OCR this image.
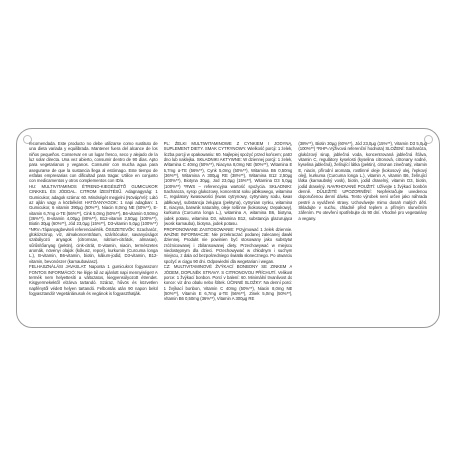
recomendada. Este producto no debe utilizarse como sustituto de una dieta variada y equilibrada. Mantener fuera del alcance de los niños pequeños. Conservar en un lugar fresco, seco y alejado de la luz solar directa. Una vez abierto, consumir dentro de 90 días. Apto para vegetarianos y veganos. Consumir con mucha agua para asegurarse de que la sustancia llega al estómago. Este tiempo de esfalas empresarias con dificultad para tragar. Utilice en conjunto con medicamentos y otros complementos con ID/a.

HU: MULTIVITAMINOS ÉTREND-KIEGÉSZÍTŐ GUMICUKOR CINKKEL ÉS JÓDDAL. CITROM ÍZESÍTÉSŰ. Adagnagyság: 1 Gumicukor, adagok száma: 60. Mindségét megjelni (Növáp/Vé): Látó az ajlán vagy a közbéként HATÓANYAGOK: 1 napi adagban: 1 Gumicukor, 6 vitamin 390µg (50%**), Niacin 8,0mg NE (50%**), E-vitamin 6,7mg α-TE (56%**), Cink 5,0mg (50%**), B6-vitamin 0,50mg (36%**), B-vitamin 4,00µg (80%**), B12-vitamin 2,50µg (100%**), Biotin 30µg (60%**), Jód 23,0µg (15%**), D3-vitamin 5,0µg (100%**) *NRV=Tápanyagbeviteli referenciaérték. ÖSSZETEVŐK: Szacharóz, glükózszirup, víz, almakoncentrátum, szárítócukor, savanyúságot szabályozó anyagok (citromsav, nátrium-citrátok, almasav), sűrűsítőanyag (pektin), cink-citrát, E-vitamin, niacin, természetes aromák, növényi olajok (kókusz, repce), kurkumin (Curcuma longa L.), B-vitamin, B6-vitamin, biotin, kálium-jodid, D3-vitamin, B12-vitamin, bevonószer (karnaubaviasz).

FELHASZNÁLÁSI JAVASLAT: Naponta 1 gumicukrot fogyasszon! FONTOS INFORMÁCIÓ: Ne lépje túl az ajánlott napi mennyiséget! A termék nem helyettesíti a változatos, kiegyensúlyozott étrendet. Kisgyermekektől elzárva tartandó. Száraz, hűvös és közvetlen napfénytől védett helyen tartandó. Felbontás után 90 napon belül fogyasztandó! Vegetáriánusok és vegánok is fogyaszthatják.

PL: ŻELKI MULTIWITAMINOWE Z CYNKIEM I JODYNĄ, SUPLEMENT DIETY. SMAK CYTRYNOWY. Wielkość porcji: 1 żelek, liczba porcji w opakowaniu: 60. Najlepiej spożyć przed końcem; patrz dno lub naklejka. SKŁADNIKI AKTYWNE: W dziennej porcji: 1 żelek, Witamina C 40mg (50%**), Niacyna 8,0mg NE (50%**), Witamina E 6,7mg α-TE (56%**), Cynk 5,0mg (50%**), Witamina B6 0,50mg (36%**), Witamina A 300µg RE (38%**), Witamina B12 2,50µg (100%**), Biotyna 30µg, Jod 23,0µg (15%**), Witamina D3 5,0µg (100%**) *RWS – referencyjna wartość spożycia. SKŁADNIKI: Sacharoza, syrop glukozowy, koncentrat soku jabłkowego, witamina C, regulatory kwasowości (kwas cytrynowy, cytryniany sodu, kwas jabłkowy), substancja żelująca (pektyna), cytrynian cynku, witamina E, niacyna, barwnik naturalny, oleje roślinne (kokosowy, rzepakowy), kurkuma (Curcuma longa L.), witamina A, witamina B6, biotyna, jodek potasu, witamina D3, witamina B12, substancja glazurująca (wosk karnauba), biotyna, jodek potasu.

PROPONOWANE ZASTOSOWANIE: Przyjmować 1 żelek dziennie. WAŻNE INFORMACJE: Nie przekraczać podanej zalecanej dawki dziennej. Produkt nie powinien być stosowany jako substytut zróżnicowanej i zbilansowanej diety. Przechowywać w miejscu niedostępnym dla dzieci. Przechowywać w chłodnym i suchym miejscu, z dala od bezpośredniego światła słonecznego. Po otwarciu spożyć w ciągu 90 dni. Odpowiedni dla wegetarian i wegan.

CZ: MULTIVITAMINOVÉ ŽVÝKACÍ BONBONY SE ZINKEM A JÓDEM, DOPLNĚK STRAVY. S CITRONOVOU PŘÍCHUTÍ. Velikost porce: 1 žvýkací bonbon. Porcí v balení: 60. Minimální trvanlivost do konce: viz dno obalu nebo štítek. ÚČINNÉ SLOŽKY: Na denní porci: 1 žvýkací bonbon, Vitamin C 40mg (50%**), Niacin 8,0mg NE (50%**), Vitamin E 6,7mg α-TE (56%**), Zinek 5,0mg (50%**), Vitamin B6 0,50mg (36%**), Vitamin A 300µg RE

(38%**), Biotin 30µg (60%**), Jód 23,0µg (15%**), Vitamin D3 5,0µg (100%**) *RHP=Výživová referenční hodnota) SLOŽENÍ: Sacharóza, glukózový sirup, jablečná voda, koncentrovaná jablečná šťáva, vitamin C, regulátory kyselosti (kyselina citronová, citronany sodné, kyselina jablečná), želírující látka (pektin), citronan zinečnatý, vitamin E, niacin, přírodní aromata, rostlinné oleje (kokosový olej, řepkový olej), kurkuma (Curcuma longa L.), vitamin A, vitamin B6, želírující látka (karnaubský vosk), biotin, jodid draselný, vitamin D3, biotin, jodid draselný. NAVRHOVANÉ POUŽITÍ: Užívejte 1 žvýkací bonbón denně. DŮLEŽITÉ UPOZORNĚNÍ: Nepřekračujte uvedenou doporučenou denní dávku. Tento výrobek není určen jako náhrada pestré a vyvážené stravy. Uchovávejte mimo dosah malých dětí. Skladujte v suchu, chladně před teplem a přímým slunečním zářením. Po otevření spotřebujte do 90 dní. Vhodné pro vegetariány a vegany.
